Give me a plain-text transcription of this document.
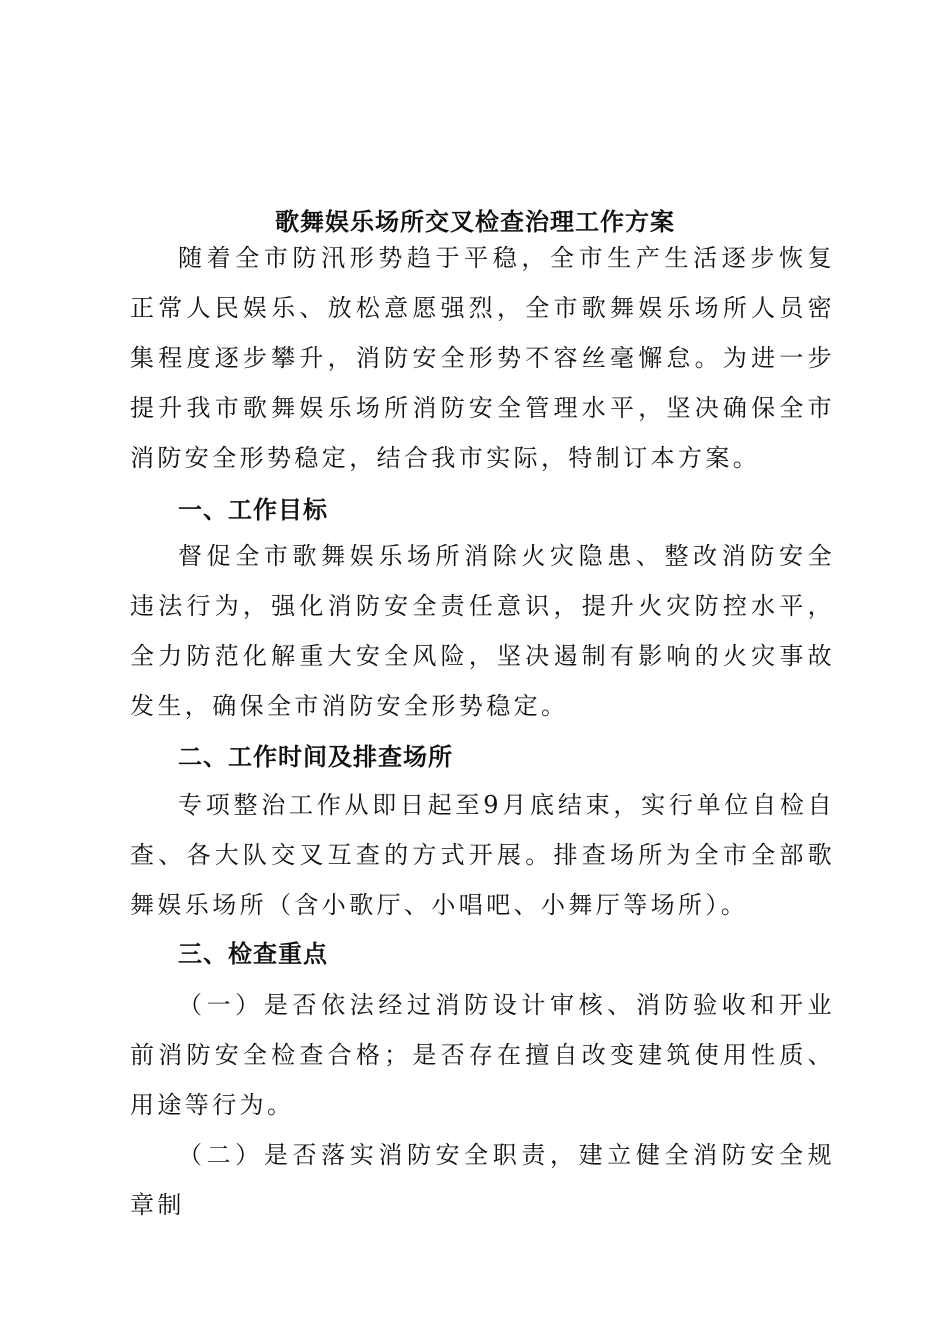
歌舞娱乐场所交叉检查治理工作方案

随着全市防汛形势趋于平稳，全市生产生活逐步恢复正常人民娱乐、放松意愿强烈，全市歌舞娱乐场所人员密集程度逐步攀升，消防安全形势不容丝毫懈怠。为进一步提升我市歌舞娱乐场所消防安全管理水平，坚决确保全市消防安全形势稳定，结合我市实际，特制订本方案。

一、工作目标

督促全市歌舞娱乐场所消除火灾隐患、整改消防安全违法行为，强化消防安全责任意识，提升火灾防控水平，全力防范化解重大安全风险，坚决遏制有影响的火灾事故发生，确保全市消防安全形势稳定。

二、工作时间及排查场所

专项整治工作从即日起至9月底结束，实行单位自检自查、各大队交叉互查的方式开展。排查场所为全市全部歌舞娱乐场所（含小歌厅、小唱吧、小舞厅等场所）。

三、检查重点

（一）是否依法经过消防设计审核、消防验收和开业前消防安全检查合格；是否存在擅自改变建筑使用性质、用途等行为。

（二）是否落实消防安全职责，建立健全消防安全规章制
